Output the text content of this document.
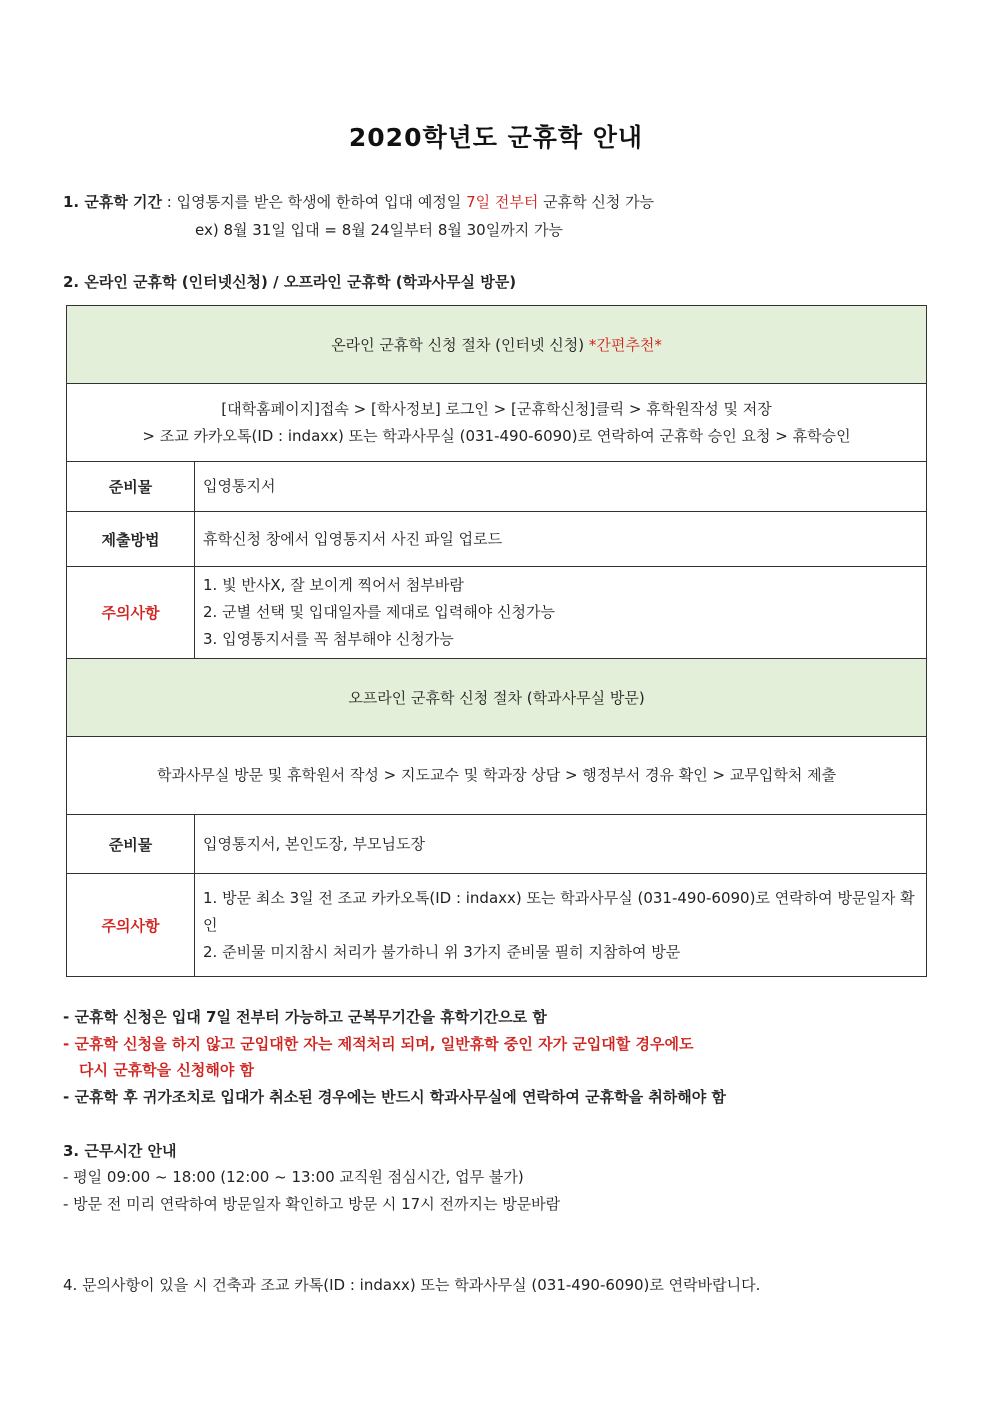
2020학년도 군휴학 안내
1. 군휴학 기간 : 입영통지를 받은 학생에 한하여 입대 예정일 7일 전부터 군휴학 신청 가능
ex) 8월 31일 입대 = 8월 24일부터 8월 30일까지 가능
2. 온라인 군휴학 (인터넷신청) / 오프라인 군휴학 (학과사무실 방문)
온라인 군휴학 신청 절차 (인터넷 신청) *간편추천*	

[대학홈페이지]접속 > [학사정보] 로그인 > [군휴학신청]클릭 > 휴학원작성 및 저장
> 조교 카카오톡(ID : indaxx) 또는 학과사무실 (031-490-6090)로 연락하여 군휴학 승인 요청 > 휴학승인	

준비물	입영통지서
제출방법	휴학신청 창에서 입영통지서 사진 파일 업로드
주의사항	1. 빛 반사X, 잘 보이게 찍어서 첨부바람
2. 군별 선택 및 입대일자를 제대로 입력해야 신청가능
3. 입영통지서를 꼭 첨부해야 신청가능

오프라인 군휴학 신청 절차 (학과사무실 방문)	
학과사무실 방문 및 휴학원서 작성 > 지도교수 및 학과장 상담 > 행정부서 경유 확인 > 교무입학처 제출	
준비물	입영통지서, 본인도장, 부모님도장
주의사항	1. 방문 최소 3일 전 조교 카카오톡(ID : indaxx) 또는 학과사무실 (031-490-6090)로 연락하여 방문일자 확인
2. 준비물 미지참시 처리가 불가하니 위 3가지 준비물 필히 지참하여 방문
- 군휴학 신청은 입대 7일 전부터 가능하고 군복무기간을 휴학기간으로 함
- 군휴학 신청을 하지 않고 군입대한 자는 제적처리 되며, 일반휴학 중인 자가 군입대할 경우에도
다시 군휴학을 신청해야 함
- 군휴학 후 귀가조치로 입대가 취소된 경우에는 반드시 학과사무실에 연락하여 군휴학을 취하해야 함
3. 근무시간 안내
- 평일 09:00 ~ 18:00 (12:00 ~ 13:00 교직원 점심시간, 업무 불가)
- 방문 전 미리 연락하여 방문일자 확인하고 방문 시 17시 전까지는 방문바람
4. 문의사항이 있을 시 건축과 조교 카톡(ID : indaxx) 또는 학과사무실 (031-490-6090)로 연락바랍니다.
